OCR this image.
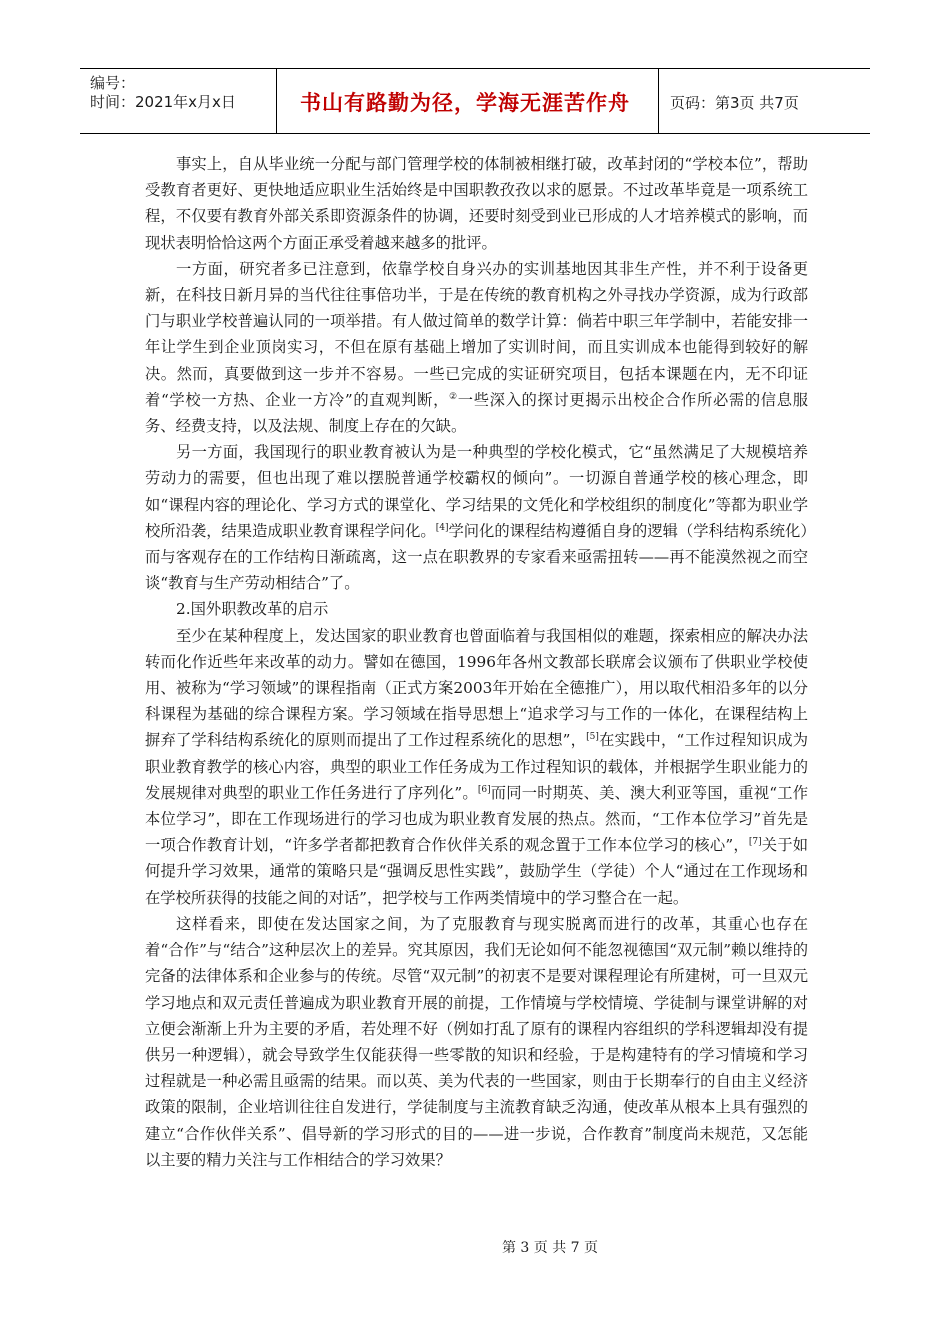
编号：
时间：2021年x月x日	书山有路勤为径，学海无涯苦作舟	页码：第3页 共7页

事实上，自从毕业统一分配与部门管理学校的体制被相继打破，改革封闭的“学校本位”，帮助受教育者更好、更快地适应职业生活始终是中国职教孜孜以求的愿景。不过改革毕竟是一项系统工程，不仅要有教育外部关系即资源条件的协调，还要时刻受到业已形成的人才培养模式的影响，而现状表明恰恰这两个方面正承受着越来越多的批评。

一方面，研究者多已注意到，依靠学校自身兴办的实训基地因其非生产性，并不利于设备更新，在科技日新月异的当代往往事倍功半，于是在传统的教育机构之外寻找办学资源，成为行政部门与职业学校普遍认同的一项举措。有人做过简单的数学计算：倘若中职三年学制中，若能安排一年让学生到企业顶岗实习，不但在原有基础上增加了实训时间，而且实训成本也能得到较好的解决。然而，真要做到这一步并不容易。一些已完成的实证研究项目，包括本课题在内，无不印证着“学校一方热、企业一方冷”的直观判断，②一些深入的探讨更揭示出校企合作所必需的信息服务、经费支持，以及法规、制度上存在的欠缺。

另一方面，我国现行的职业教育被认为是一种典型的学校化模式，它“虽然满足了大规模培养劳动力的需要，但也出现了难以摆脱普通学校霸权的倾向”。一切源自普通学校的核心理念，即如“课程内容的理论化、学习方式的课堂化、学习结果的文凭化和学校组织的制度化”等都为职业学校所沿袭，结果造成职业教育课程学问化。[4]学问化的课程结构遵循自身的逻辑（学科结构系统化）而与客观存在的工作结构日渐疏离，这一点在职教界的专家看来亟需扭转——再不能漠然视之而空谈“教育与生产劳动相结合”了。

2.国外职教改革的启示

至少在某种程度上，发达国家的职业教育也曾面临着与我国相似的难题，探索相应的解决办法转而化作近些年来改革的动力。譬如在德国，1996年各州文教部长联席会议颁布了供职业学校使用、被称为“学习领域”的课程指南（正式方案2003年开始在全德推广），用以取代相沿多年的以分科课程为基础的综合课程方案。学习领域在指导思想上“追求学习与工作的一体化，在课程结构上摒弃了学科结构系统化的原则而提出了工作过程系统化的思想”，[5]在实践中，“工作过程知识成为职业教育教学的核心内容，典型的职业工作任务成为工作过程知识的载体，并根据学生职业能力的发展规律对典型的职业工作任务进行了序列化”。[6]而同一时期英、美、澳大利亚等国，重视“工作本位学习”，即在工作现场进行的学习也成为职业教育发展的热点。然而，“工作本位学习”首先是一项合作教育计划，“许多学者都把教育合作伙伴关系的观念置于工作本位学习的核心”，[7]关于如何提升学习效果，通常的策略只是“强调反思性实践”，鼓励学生（学徒）个人“通过在工作现场和在学校所获得的技能之间的对话”，把学校与工作两类情境中的学习整合在一起。

这样看来，即使在发达国家之间，为了克服教育与现实脱离而进行的改革，其重心也存在着“合作”与“结合”这种层次上的差异。究其原因，我们无论如何不能忽视德国“双元制”赖以维持的完备的法律体系和企业参与的传统。尽管“双元制”的初衷不是要对课程理论有所建树，可一旦双元学习地点和双元责任普遍成为职业教育开展的前提，工作情境与学校情境、学徒制与课堂讲解的对立便会渐渐上升为主要的矛盾，若处理不好（例如打乱了原有的课程内容组织的学科逻辑却没有提供另一种逻辑），就会导致学生仅能获得一些零散的知识和经验，于是构建特有的学习情境和学习过程就是一种必需且亟需的结果。而以英、美为代表的一些国家，则由于长期奉行的自由主义经济政策的限制，企业培训往往自发进行，学徒制度与主流教育缺乏沟通，使改革从根本上具有强烈的建立“合作伙伴关系”、倡导新的学习形式的目的——进一步说，合作教育”制度尚未规范，又怎能以主要的精力关注与工作相结合的学习效果？

第 3 页 共 7 页
